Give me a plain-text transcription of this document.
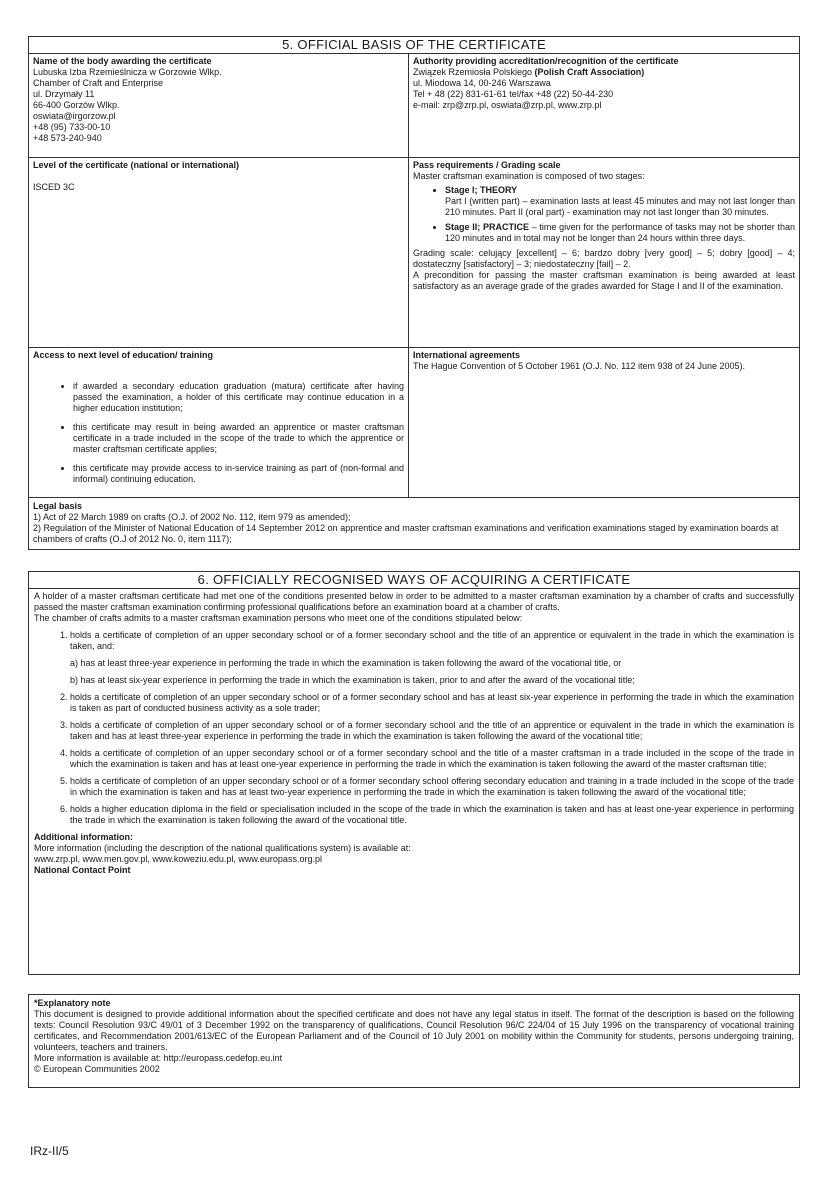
5. OFFICIAL BASIS OF THE CERTIFICATE
Name of the body awarding the certificate
Lubuska Izba Rzemieślnicza w Gorzowie Wlkp.
Chamber of Craft and Enterprise
ul. Drzymały 11
66-400 Gorzów Wlkp.
oswiata@irgorzow.pl
+48 (95) 733-00-10
+48 573-240-940
Authority providing accreditation/recognition of the certificate
Związek Rzemiosła Polskiego (Polish Craft Association)
ul. Miodowa 14, 00-246 Warszawa
Tel + 48 (22) 831-61-61 tel/fax +48 (22) 50-44-230
e-mail: zrp@zrp.pl, oswiata@zrp.pl, www.zrp.pl
Level of the certificate (national or international)
ISCED 3C
Pass requirements / Grading scale
Master craftsman examination is composed of two stages:
• Stage I; THEORY
Part I (written part) – examination lasts at least 45 minutes and may not last longer than 210 minutes. Part II (oral part) - examination may not last longer than 30 minutes.
• Stage II; PRACTICE – time given for the performance of tasks may not be shorter than 120 minutes and in total may not be longer than 24 hours within three days.
Grading scale: celujący [excellent] – 6; bardzo dobry [very good] – 5; dobry [good] – 4; dostateczny [satisfactory] – 3; niedostateczny [fail] – 2.
A precondition for passing the master craftsman examination is being awarded at least satisfactory as an average grade of the grades awarded for Stage I and II of the examination.
Access to next level of education/ training
• if awarded a secondary education graduation (matura) certificate after having passed the examination, a holder of this certificate may continue education in a higher education institution;
• this certificate may result in being awarded an apprentice or master craftsman certificate in a trade included in the scope of the trade to which the apprentice or master craftsman certificate applies;
• this certificate may provide access to in-service training as part of (non-formal and informal) continuing education.
International agreements
The Hague Convention of 5 October 1961 (O.J. No. 112 item 938 of 24 June 2005).
Legal basis
1) Act of 22 March 1989 on crafts (O.J. of 2002 No. 112, item 979 as amended);
2) Regulation of the Minister of National Education of 14 September 2012 on apprentice and master craftsman examinations and verification examinations staged by examination boards at chambers of crafts (O.J of 2012 No. 0, item 1117);
6. OFFICIALLY RECOGNISED WAYS OF ACQUIRING A CERTIFICATE
A holder of a master craftsman certificate had met one of the conditions presented below in order to be admitted to a master craftsman examination by a chamber of crafts and successfully passed the master craftsman examination confirming professional qualifications before an examination board at a chamber of crafts.
The chamber of crafts admits to a master craftsman examination persons who meet one of the conditions stipulated below:
1. holds a certificate of completion of an upper secondary school or of a former secondary school and the title of an apprentice or equivalent in the trade in which the examination is taken, and:
a) has at least three-year experience in performing the trade in which the examination is taken following the award of the vocational title, or
b) has at least six-year experience in performing the trade in which the examination is taken, prior to and after the award of the vocational title;
2. holds a certificate of completion of an upper secondary school or of a former secondary school and has at least six-year experience in performing the trade in which the examination is taken as part of conducted business activity as a sole trader;
3. holds a certificate of completion of an upper secondary school or of a former secondary school and the title of an apprentice or equivalent in the trade in which the examination is taken and has at least three-year experience in performing the trade in which the examination is taken following the award of the vocational title;
4. holds a certificate of completion of an upper secondary school or of a former secondary school and the title of a master craftsman in a trade included in the scope of the trade in which the examination is taken and has at least one-year experience in performing the trade in which the examination is taken following the award of the master craftsman title;
5. holds a certificate of completion of an upper secondary school or of a former secondary school offering secondary education and training in a trade included in the scope of the trade in which the examination is taken and has at least two-year experience in performing the trade in which the examination is taken following the award of the vocational title;
6. holds a higher education diploma in the field or specialisation included in the scope of the trade in which the examination is taken and has at least one-year experience in performing the trade in which the examination is taken following the award of the vocational title.
Additional information:
More information (including the description of the national qualifications system) is available at:
www.zrp.pl, www.men.gov.pl, www.koweziu.edu.pl, www.europass.org.pl
National Contact Point
*Explanatory note
This document is designed to provide additional information about the specified certificate and does not have any legal status in itself. The format of the description is based on the following texts: Council Resolution 93/C 49/01 of 3 December 1992 on the transparency of qualifications, Council Resolution 96/C 224/04 of 15 July 1996 on the transparency of vocational training certificates, and Recommendation 2001/613/EC of the European Parliament and of the Council of 10 July 2001 on mobility within the Community for students, persons undergoing training, volunteers, teachers and trainers.
More information is available at: http://europass.cedefop.eu.int
© European Communities 2002
IRz-II/5
